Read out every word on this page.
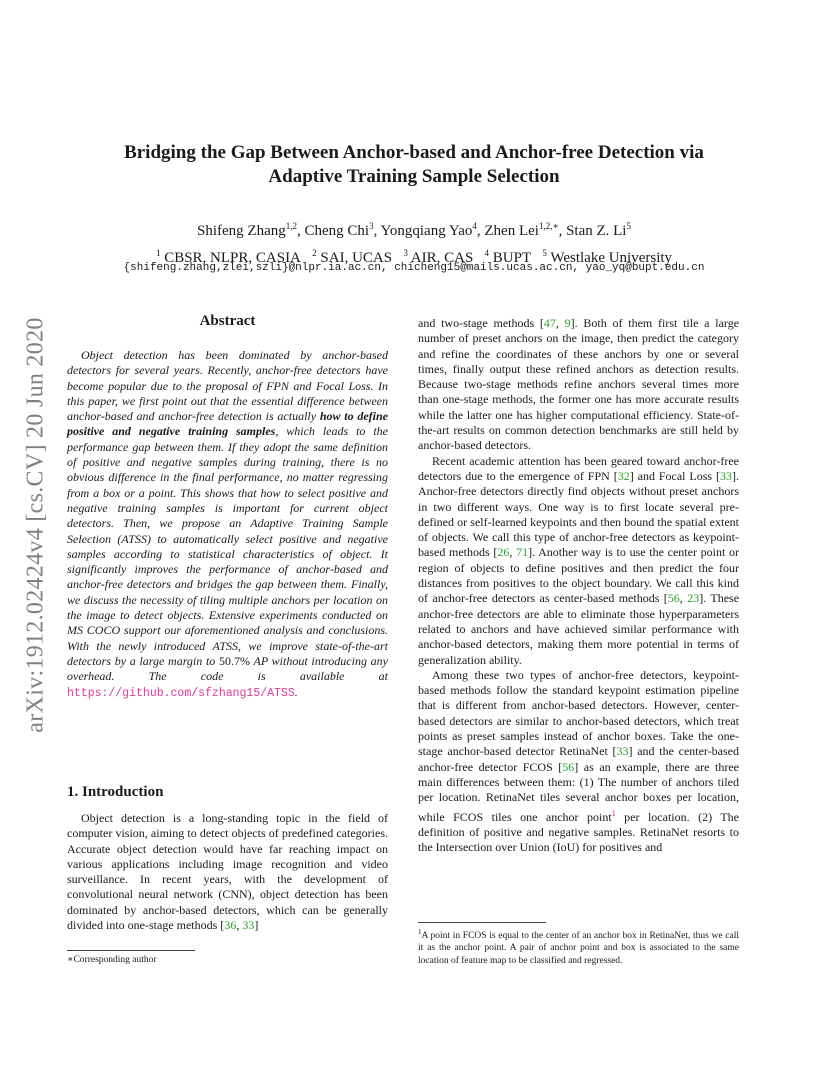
arXiv:1912.02424v4 [cs.CV] 20 Jun 2020
Bridging the Gap Between Anchor-based and Anchor-free Detection via
Adaptive Training Sample Selection
Shifeng Zhang$^{1,2}$, Cheng Chi$^3$, Yongqiang Yao$^4$, Zhen Lei$^{1,2,∗}$, Stan Z. Li$^5$
$^1$ CBSR, NLPR, CASIA $^2$ SAI, UCAS $^3$ AIR, CAS $^4$ BUPT $^5$ Westlake University
{shifeng.zhang,zlei,szli}@nlpr.ia.ac.cn, chicheng15@mails.ucas.ac.cn, yao_yq@bupt.edu.cn
Abstract

Object detection has been dominated by anchor-based detectors for several years. Recently, anchor-free detectors have become popular due to the proposal of FPN and Focal Loss. In this paper, we first point out that the essential difference between anchor-based and anchor-free detection is actually how to define positive and negative training samples, which leads to the performance gap between them. If they adopt the same definition of positive and negative samples during training, there is no obvious difference in the final performance, no matter regressing from a box or a point. This shows that how to select positive and negative training samples is important for current object detectors. Then, we propose an Adaptive Training Sample Selection (ATSS) to automatically select positive and negative samples according to statistical characteristics of object. It significantly improves the performance of anchor-based and anchor-free detectors and bridges the gap between them. Finally, we discuss the necessity of tiling multiple anchors per location on the image to detect objects. Extensive experiments conducted on MS COCO support our aforementioned analysis and conclusions. With the newly introduced ATSS, we improve state-of-the-art detectors by a large margin to 50.7% AP without introducing any overhead. The code is available at https://github.com/sfzhang15/ATSS.

1. Introduction

Object detection is a long-standing topic in the field of computer vision, aiming to detect objects of predefined categories. Accurate object detection would have far reaching impact on various applications including image recognition and video surveillance. In recent years, with the development of convolutional neural network (CNN), object detection has been dominated by anchor-based detectors, which can be generally divided into one-stage methods [36, 33]

∗Corresponding author

and two-stage methods [47, 9]. Both of them first tile a large number of preset anchors on the image, then predict the category and refine the coordinates of these anchors by one or several times, finally output these refined anchors as detection results. Because two-stage methods refine anchors several times more than one-stage methods, the former one has more accurate results while the latter one has higher computational efficiency. State-of-the-art results on common detection benchmarks are still held by anchor-based detectors.

Recent academic attention has been geared toward anchor-free detectors due to the emergence of FPN [32] and Focal Loss [33]. Anchor-free detectors directly find objects without preset anchors in two different ways. One way is to first locate several pre-defined or self-learned keypoints and then bound the spatial extent of objects. We call this type of anchor-free detectors as keypoint-based methods [26, 71]. Another way is to use the center point or region of objects to define positives and then predict the four distances from positives to the object boundary. We call this kind of anchor-free detectors as center-based methods [56, 23]. These anchor-free detectors are able to eliminate those hyperparameters related to anchors and have achieved similar performance with anchor-based detectors, making them more potential in terms of generalization ability.

Among these two types of anchor-free detectors, keypoint-based methods follow the standard keypoint estimation pipeline that is different from anchor-based detectors. However, center-based detectors are similar to anchor-based detectors, which treat points as preset samples instead of anchor boxes. Take the one-stage anchor-based detector RetinaNet [33] and the center-based anchor-free detector FCOS [56] as an example, there are three main differences between them: (1) The number of anchors tiled per location. RetinaNet tiles several anchor boxes per location, while FCOS tiles one anchor point$^1$ per location. (2) The definition of positive and negative samples. RetinaNet resorts to the Intersection over Union (IoU) for positives and

$^1$A point in FCOS is equal to the center of an anchor box in RetinaNet, thus we call it as the anchor point. A pair of anchor point and box is associated to the same location of feature map to be classified and regressed.
